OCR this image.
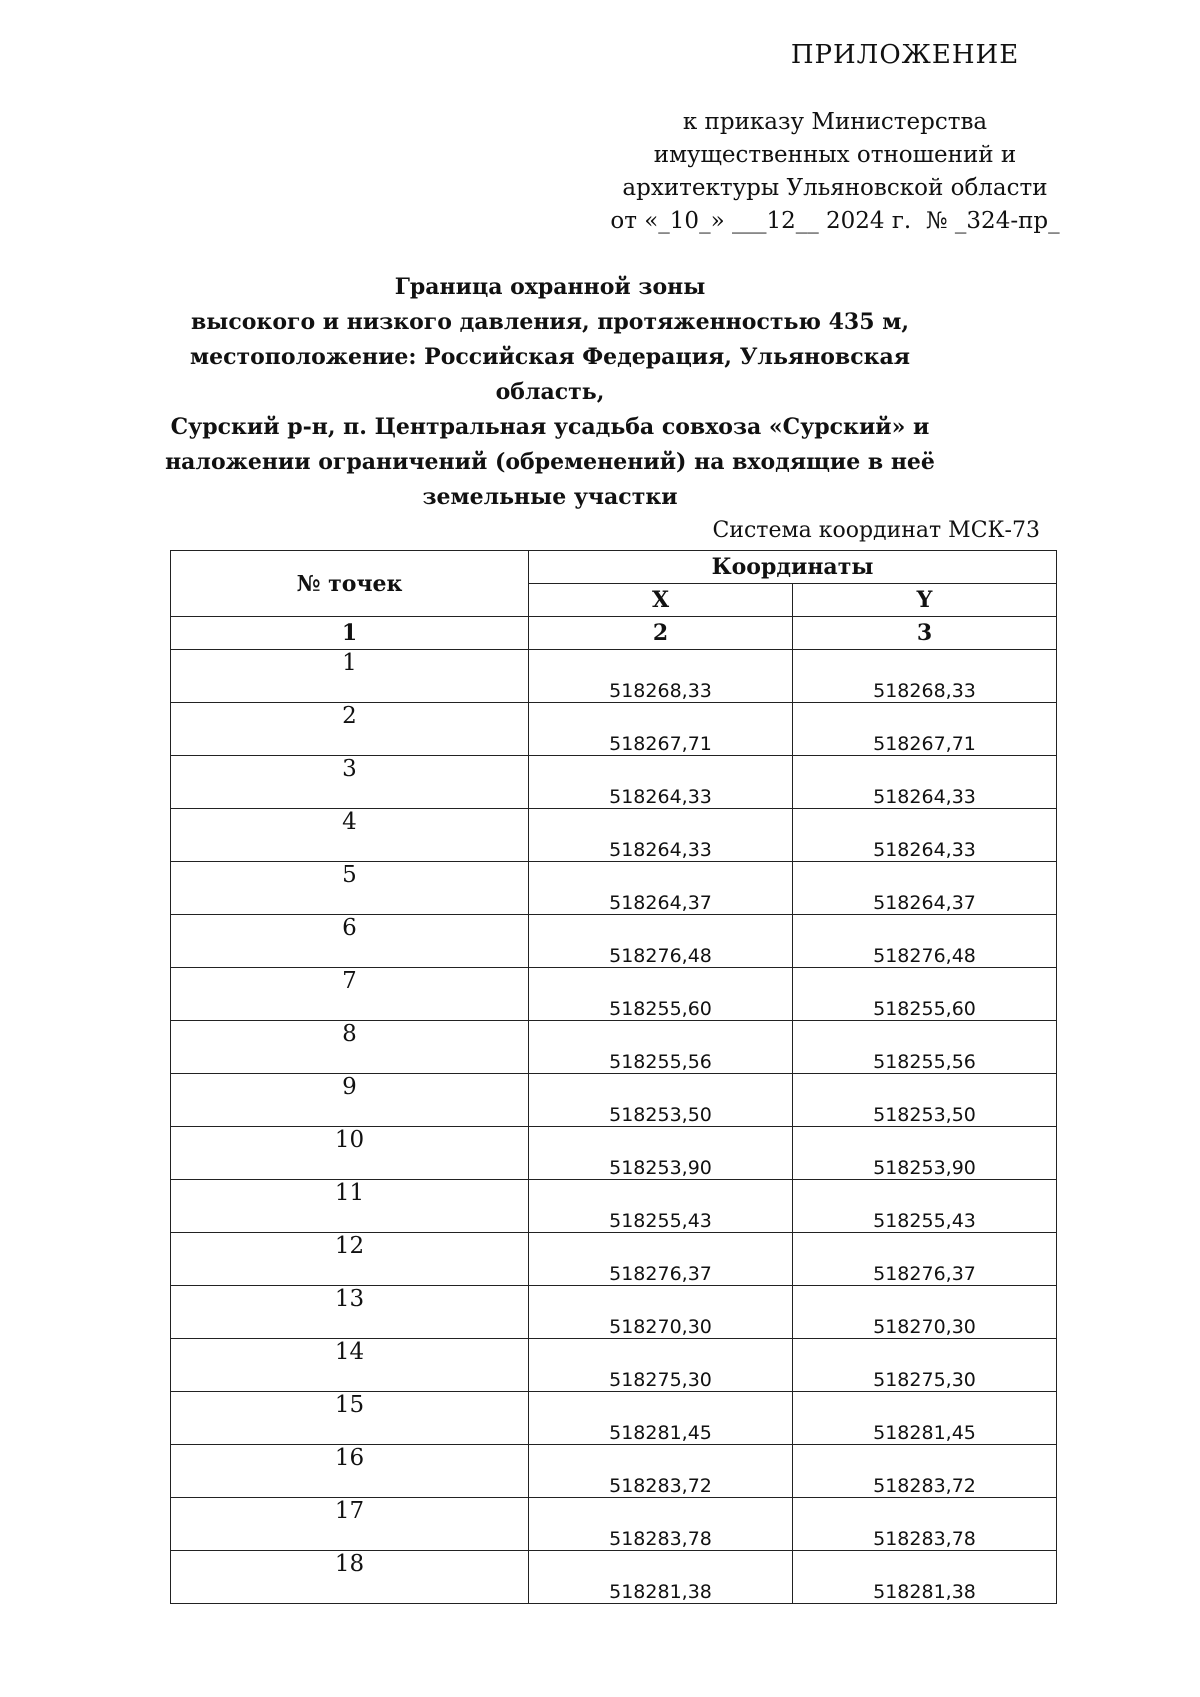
ПРИЛОЖЕНИЕ
к приказу Министерства
имущественных отношений и
архитектуры Ульяновской области
от «_10_» ___12__ 2024 г.  № _324-пр_
Граница охранной зоны
высокого и низкого давления, протяженностью 435 м,
местоположение: Российская Федерация, Ульяновская область,
Сурский р-н, п. Центральная усадьба совхоза «Сурский» и
наложении ограничений (обременений) на входящие в неё
земельные участки
Система координат МСК-73
№ точек	Координаты	
	X	Y
1	2	3
1	518268,33	518268,33
2	518267,71	518267,71
3	518264,33	518264,33
4	518264,33	518264,33
5	518264,37	518264,37
6	518276,48	518276,48
7	518255,60	518255,60
8	518255,56	518255,56
9	518253,50	518253,50
10	518253,90	518253,90
11	518255,43	518255,43
12	518276,37	518276,37
13	518270,30	518270,30
14	518275,30	518275,30
15	518281,45	518281,45
16	518283,72	518283,72
17	518283,78	518283,78
18	518281,38	518281,38
